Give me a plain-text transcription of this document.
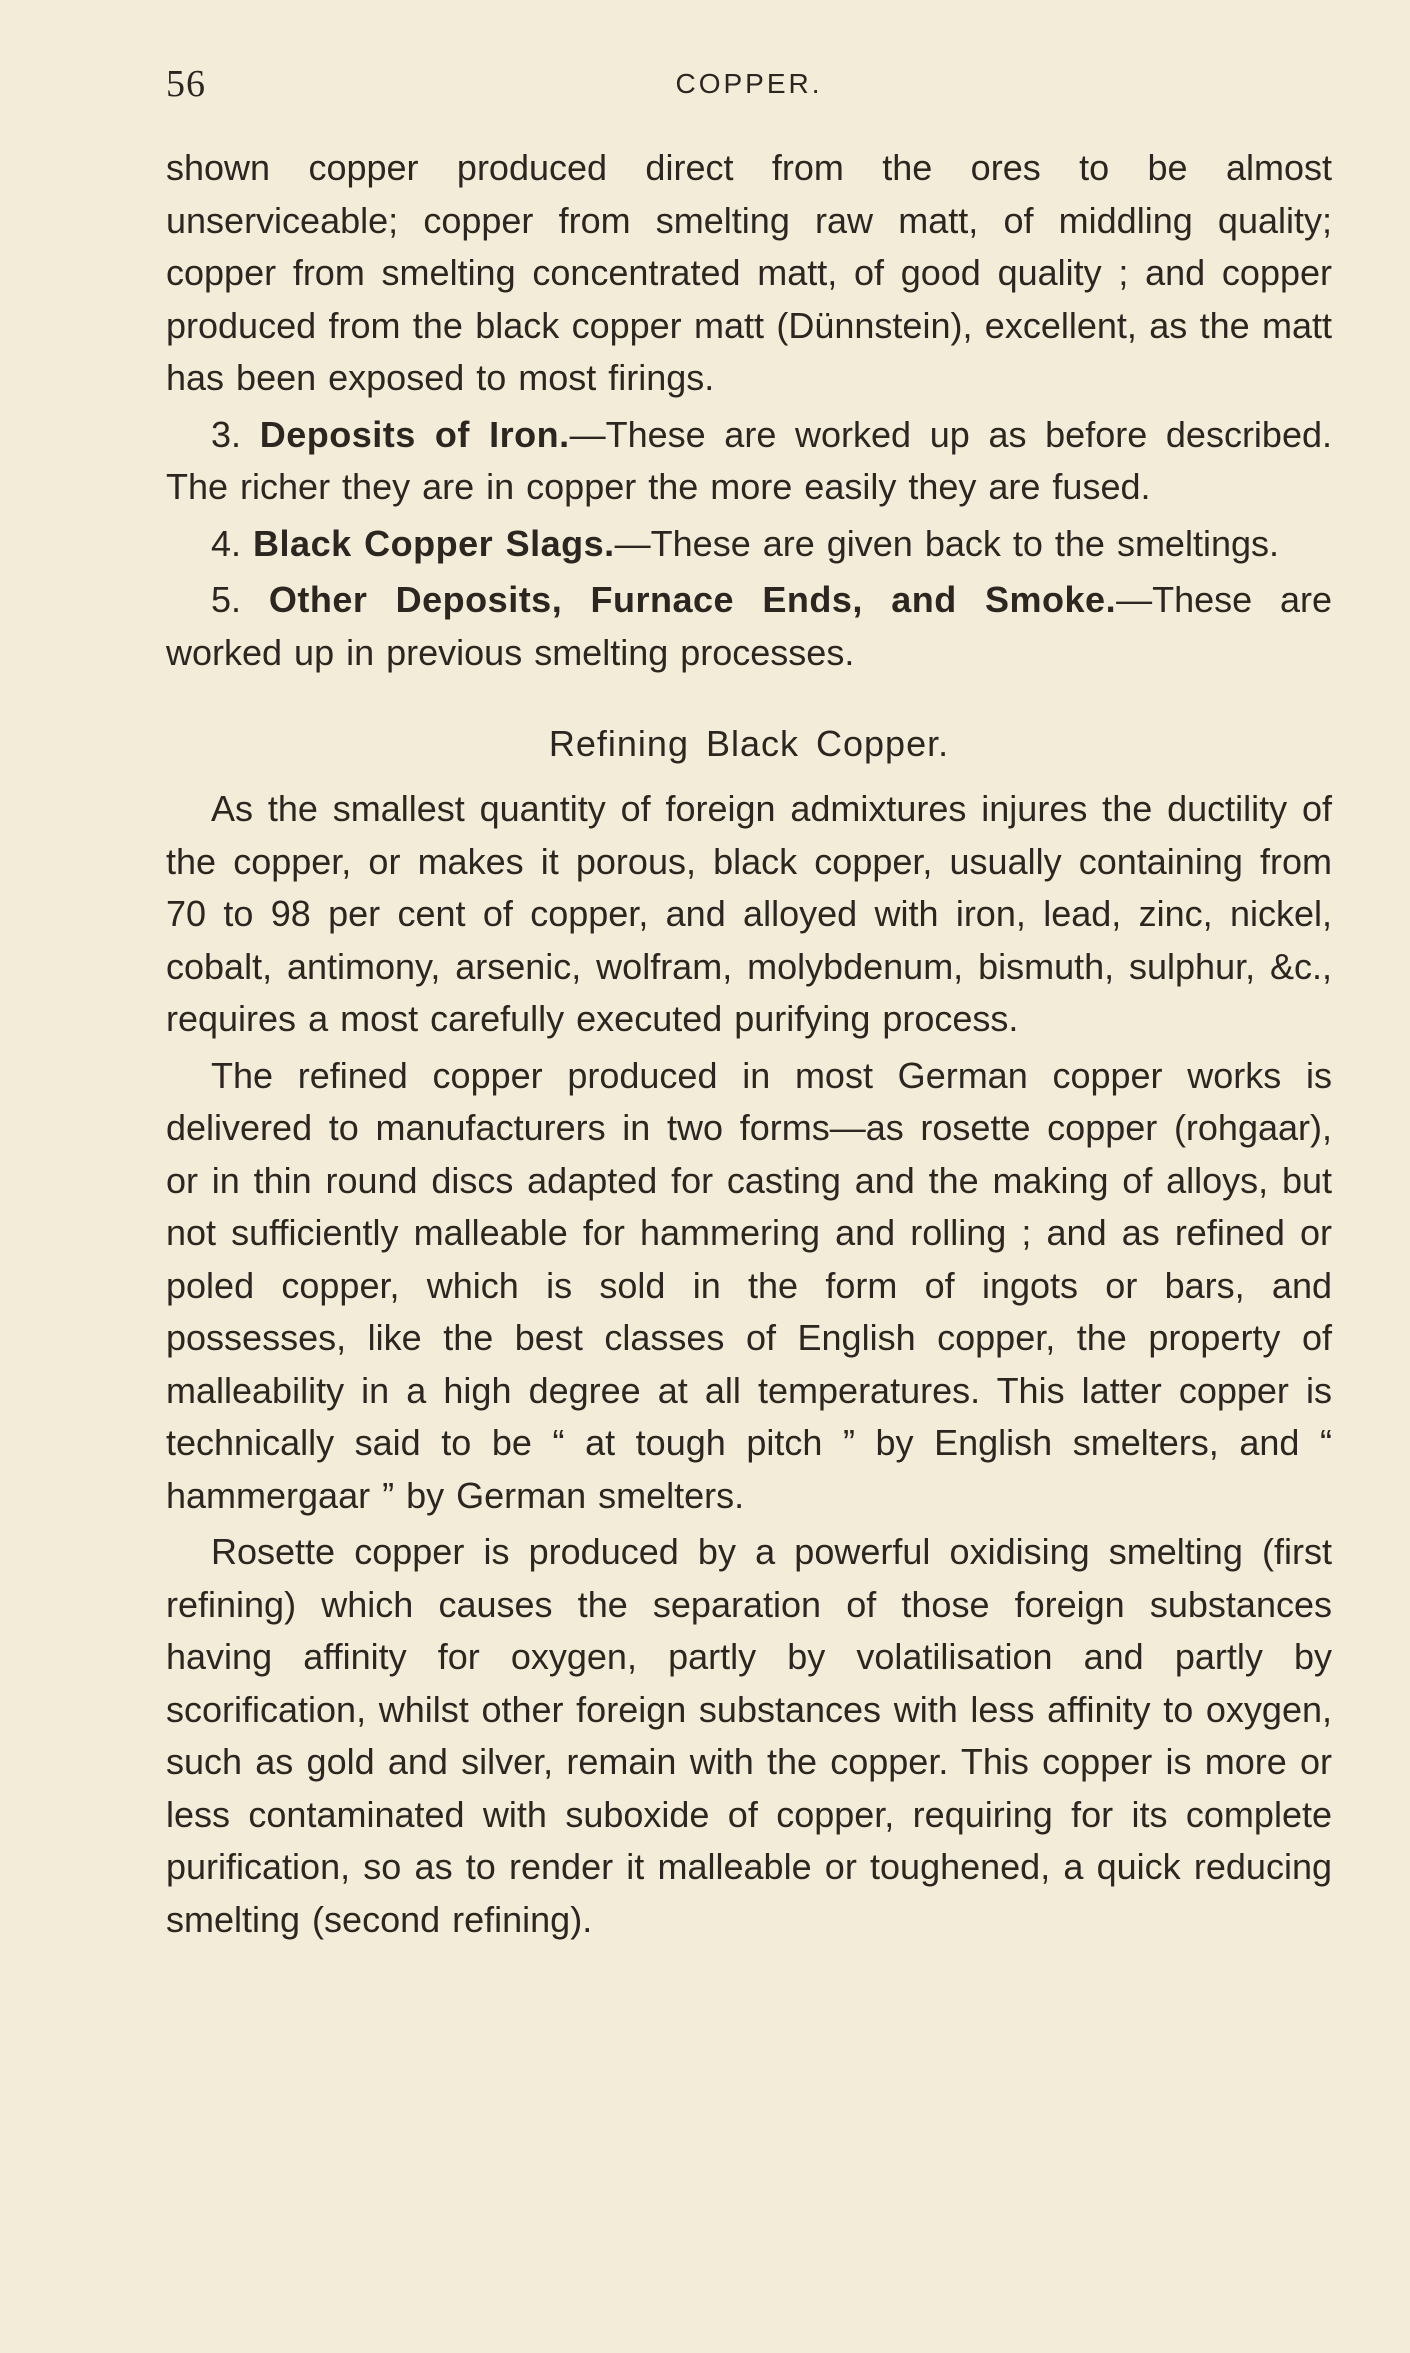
56	COPPER.

shown copper produced direct from the ores to be almost unserviceable; copper from smelting raw matt, of middling quality; copper from smelting concentrated matt, of good quality ; and copper produced from the black copper matt (Dünnstein), excellent, as the matt has been exposed to most firings.

3. Deposits of Iron.—These are worked up as before described. The richer they are in copper the more easily they are fused.

4. Black Copper Slags.—These are given back to the smeltings.

5. Other Deposits, Furnace Ends, and Smoke.—These are worked up in previous smelting processes.

Refining Black Copper.

As the smallest quantity of foreign admixtures injures the ductility of the copper, or makes it porous, black copper, usually containing from 70 to 98 per cent of copper, and alloyed with iron, lead, zinc, nickel, cobalt, antimony, arsenic, wolfram, molybdenum, bismuth, sulphur, &c., requires a most carefully executed purifying process.

The refined copper produced in most German copper works is delivered to manufacturers in two forms—as rosette copper (rohgaar), or in thin round discs adapted for casting and the making of alloys, but not sufficiently malleable for hammering and rolling ; and as refined or poled copper, which is sold in the form of ingots or bars, and possesses, like the best classes of English copper, the property of malleability in a high degree at all temperatures. This latter copper is technically said to be “ at tough pitch ” by English smelters, and “ hammergaar ” by German smelters.

Rosette copper is produced by a powerful oxidising smelting (first refining) which causes the separation of those foreign substances having affinity for oxygen, partly by volatilisation and partly by scorification, whilst other foreign substances with less affinity to oxygen, such as gold and silver, remain with the copper. This copper is more or less contaminated with suboxide of copper, requiring for its complete purification, so as to render it malleable or toughened, a quick reducing smelting (second refining).
